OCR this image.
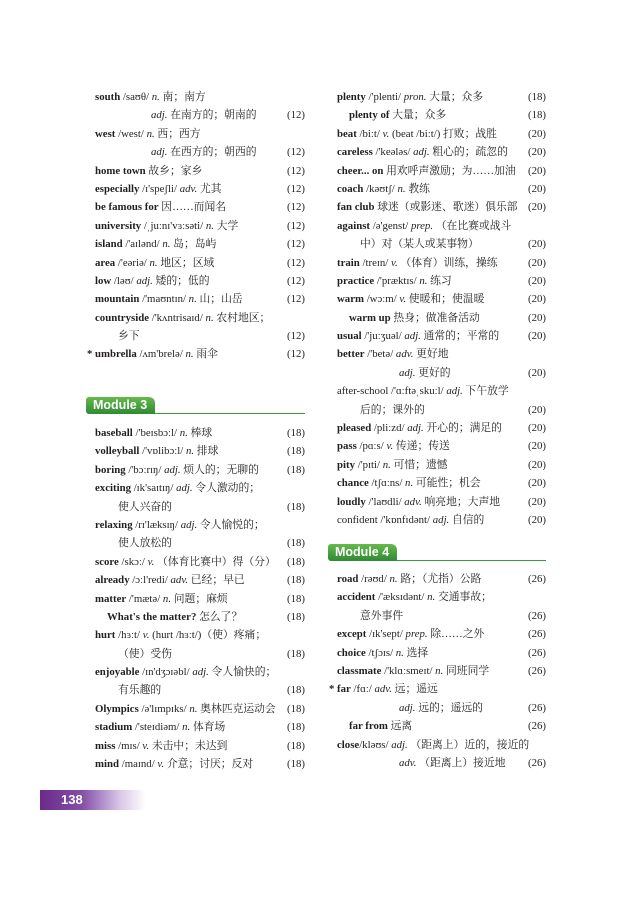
south /saʊθ/ n. 南；南方
adj. 在南方的；朝南的	(12)
west /west/ n. 西；西方
adj. 在西方的；朝西的	(12)
home town 故乡；家乡	(12)
especially /ɪ'speʃli/ adv. 尤其	(12)
be famous for 因……而闻名	(12)
university /ˌjuːnɪ'vɜːsəti/ n. 大学	(12)
island /'aɪlənd/ n. 岛；岛屿	(12)
area /'eəriə/ n. 地区；区域	(12)
low /ləʊ/ adj. 矮的；低的	(12)
mountain /'maʊntɪn/ n. 山；山岳	(12)
countryside /'kʌntrisaɪd/ n. 农村地区；
乡下	(12)
* umbrella /ʌm'brelə/ n. 雨伞	(12)
Module 3
baseball /'beɪsbɔːl/ n. 棒球	(18)
volleyball /'vɒlibɔːl/ n. 排球	(18)
boring /'bɔːrɪŋ/ adj. 烦人的；无聊的	(18)
exciting /ɪk'saɪtɪŋ/ adj. 令人激动的；
使人兴奋的	(18)
relaxing /rɪ'læksɪŋ/ adj. 令人愉悦的；
使人放松的	(18)
score /skɔː/ v. （体育比赛中）得（分） (18)
already /ɔːl'redi/ adv. 已经；早已	(18)
matter /'mætə/ n. 问题；麻烦	(18)
What's the matter? 怎么了？	(18)
hurt /hɜːt/ v. (hurt /hɜːt/)（使）疼痛；
（使）受伤	(18)
enjoyable /ɪn'dʒɔɪəbl/ adj. 令人愉快的；
有乐趣的	(18)
Olympics /ə'lɪmpɪks/ n. 奥林匹克运动会 (18)
stadium /'steɪdiəm/ n. 体育场	(18)
miss /mɪs/ v. 未击中；未达到	(18)
mind /maɪnd/ v. 介意；讨厌；反对	(18)
plenty /'plenti/ pron. 大量；众多	(18)
plenty of 大量；众多	(18)
beat /biːt/ v. (beat /biːt/) 打败；战胜	(20)
careless /'keələs/ adj. 粗心的；疏忽的 (20)
cheer... on 用欢呼声激励；为……加油 (20)
coach /kəʊtʃ/ n. 教练	(20)
fan club 球迷（或影迷、歌迷）俱乐部 (20)
against /ə'genst/ prep. （在比赛或战斗
中）对（某人或某事物）	(20)
train /treɪn/ v. （体育）训练，操练	(20)
practice /'præktɪs/ n. 练习	(20)
warm /wɔːm/ v. 使暖和；使温暖	(20)
warm up 热身；做准备活动	(20)
usual /'juːʒuəl/ adj. 通常的；平常的	(20)
better /'betə/ adv. 更好地
adj. 更好的	(20)
after-school /'ɑːftəˌskuːl/ adj. 下午放学
后的；课外的	(20)
pleased /pliːzd/ adj. 开心的；满足的 (20)
pass /pɑːs/ v. 传递；传送	(20)
pity /'pɪti/ n. 可惜；遗憾	(20)
chance /tʃɑːns/ n. 可能性；机会	(20)
loudly /'laʊdli/ adv. 响亮地；大声地	(20)
confident /'kɒnfɪdənt/ adj. 自信的	(20)
Module 4
road /rəʊd/ n. 路；（尤指）公路	(26)
accident /'æksɪdənt/ n. 交通事故；
意外事件	(26)
except /ɪk'sept/ prep. 除……之外	(26)
choice /tʃɔɪs/ n. 选择	(26)
classmate /'klɑːsmeɪt/ n. 同班同学	(26)
* far /fɑː/ adv. 远；遥远
adj. 远的；遥远的	(26)
far from 远离	(26)
close/kləʊs/ adj. （距离上）近的，接近的
adv. （距离上）接近地 (26)
138
